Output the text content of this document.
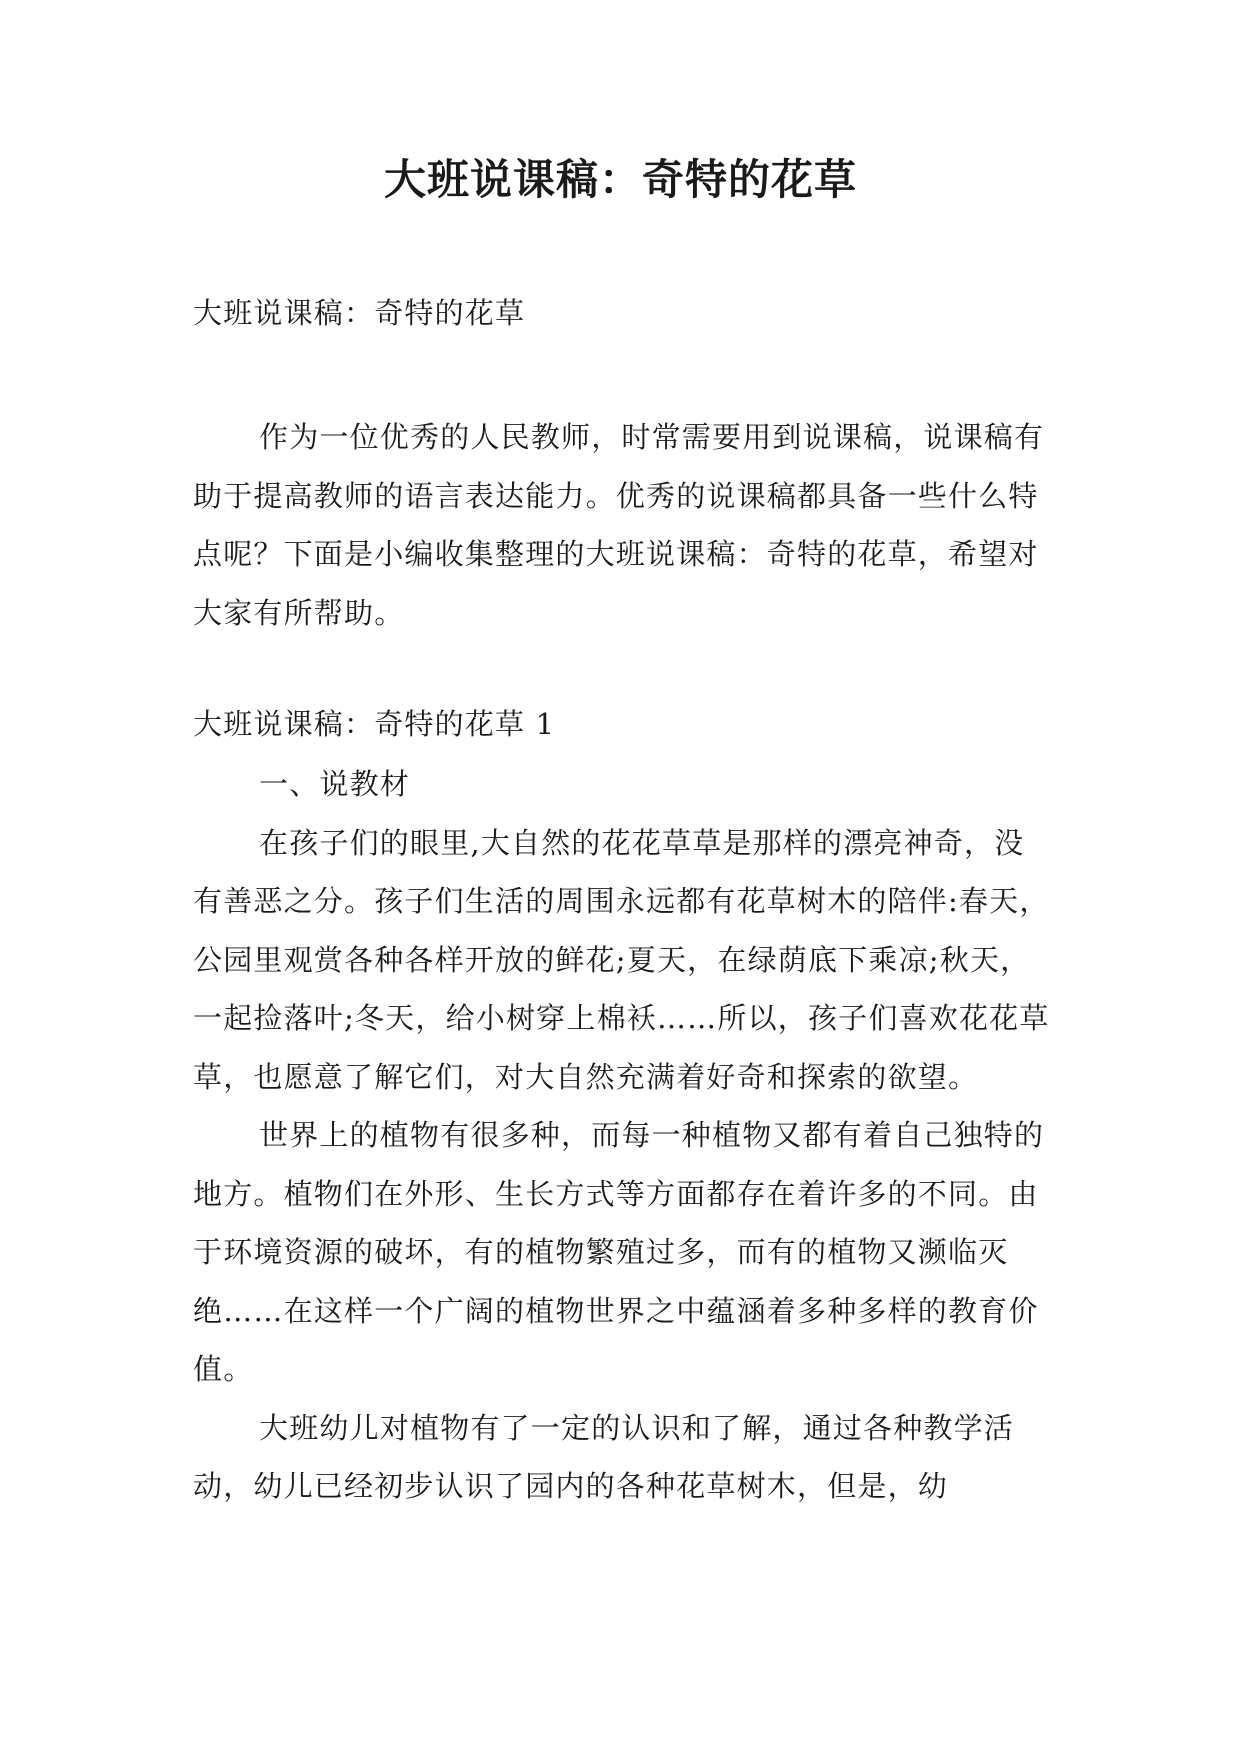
大班说课稿：奇特的花草

大班说课稿：奇特的花草

作为一位优秀的人民教师，时常需要用到说课稿，说课稿有助于提高教师的语言表达能力。优秀的说课稿都具备一些什么特点呢？下面是小编收集整理的大班说课稿：奇特的花草，希望对大家有所帮助。

大班说课稿：奇特的花草 1

一、说教材

在孩子们的眼里,大自然的花花草草是那样的漂亮神奇，没有善恶之分。孩子们生活的周围永远都有花草树木的陪伴:春天，公园里观赏各种各样开放的鲜花;夏天，在绿荫底下乘凉;秋天，一起捡落叶;冬天，给小树穿上棉袄……所以，孩子们喜欢花花草草，也愿意了解它们，对大自然充满着好奇和探索的欲望。

世界上的植物有很多种，而每一种植物又都有着自己独特的地方。植物们在外形、生长方式等方面都存在着许多的不同。由于环境资源的破坏，有的植物繁殖过多，而有的植物又濒临灭绝……在这样一个广阔的植物世界之中蕴涵着多种多样的教育价值。

大班幼儿对植物有了一定的认识和了解，通过各种教学活动，幼儿已经初步认识了园内的各种花草树木，但是，幼
